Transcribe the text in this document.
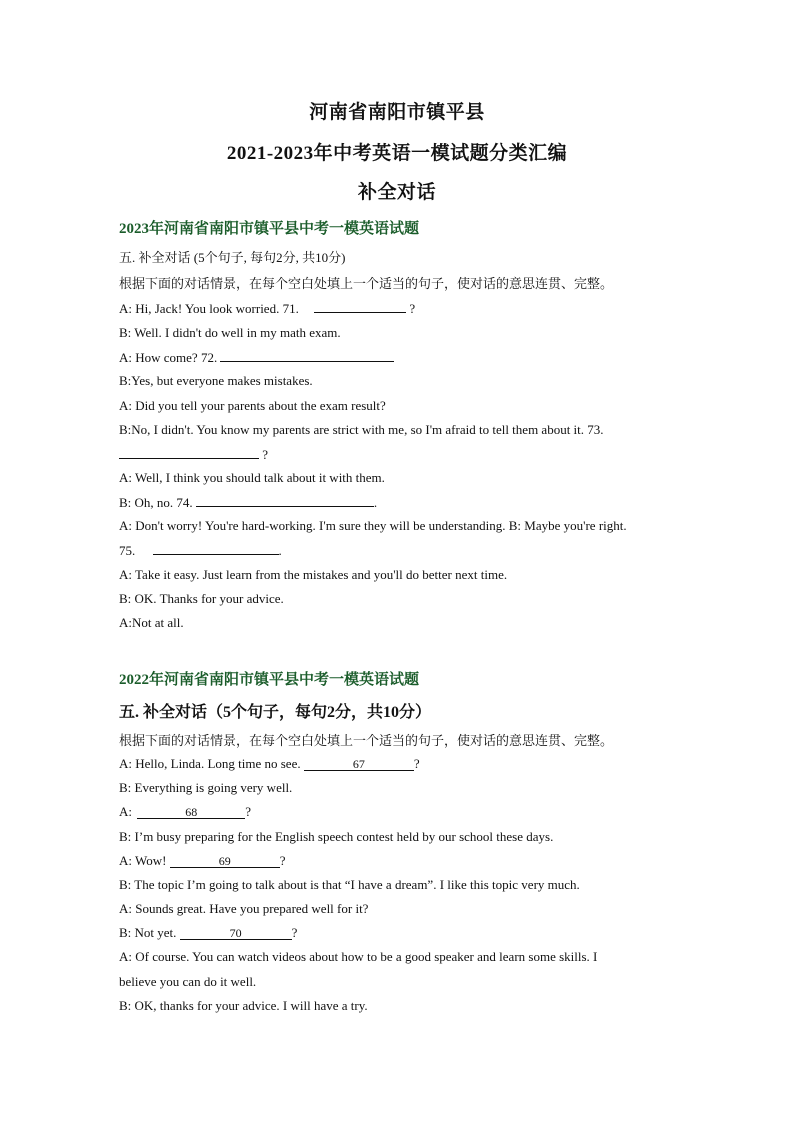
河南省南阳市镇平县
2021-2023年中考英语一模试题分类汇编
补全对话
2023年河南省南阳市镇平县中考一模英语试题
五. 补全对话 (5个句子, 每句2分, 共10分)
根据下面的对话情景，在每个空白处填上一个适当的句子，使对话的意思连贯、完整。
A: Hi, Jack! You look worried. 71.	?
B: Well. I didn't do well in my math exam.
A: How come? 72.
B:Yes, but everyone makes mistakes.
A: Did you tell your parents about the exam result?
B:No, I didn't. You know my parents are strict with me, so I'm afraid to tell them about it. 73.
?
A: Well, I think you should talk about it with them.
B: Oh, no. 74.	.
A: Don't worry! You're hard-working. I'm sure they will be understanding. B: Maybe you're right.
75.	.
A: Take it easy. Just learn from the mistakes and you'll do better next time.
B: OK. Thanks for your advice.
A:Not at all.
2022年河南省南阳市镇平县中考一模英语试题
五. 补全对话（5个句子，每句2分，共10分）
根据下面的对话情景，在每个空白处填上一个适当的句子，使对话的意思连贯、完整。
A: Hello, Linda. Long time no see.	67	?
B: Everything is going very well.
A:	68	?
B: I’m busy preparing for the English speech contest held by our school these days.
A: Wow!	69	?
B: The topic I’m going to talk about is that “I have a dream”. I like this topic very much.
A: Sounds great. Have you prepared well for it?
B: Not yet.	70	?
A: Of course. You can watch videos about how to be a good speaker and learn some skills. I
believe you can do it well.
B: OK, thanks for your advice. I will have a try.
